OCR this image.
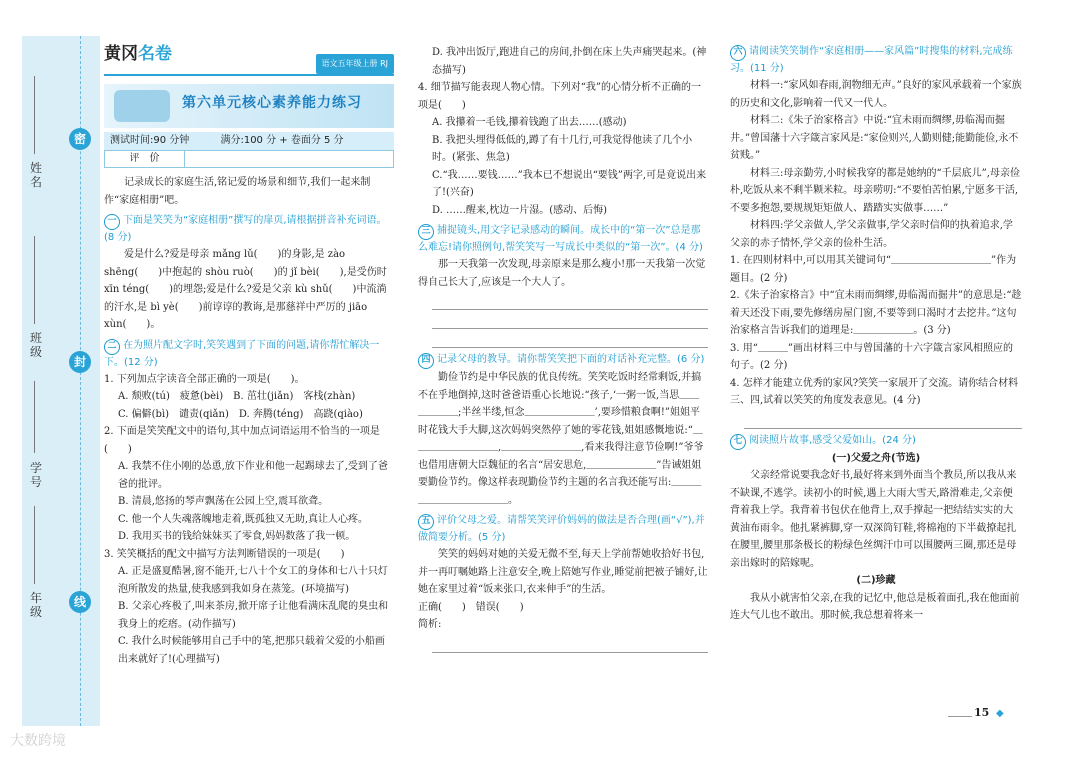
密
封
线
姓名
班级
学号
年级
黄冈名卷	语文五年级上册 RJ
第六单元核心素养能力练习
测试时间:90 分钟	满分:100 分 + 卷面分 5 分
评　价
记录成长的家庭生活,铭记爱的场景和细节,我们一起来制作“家庭相册”吧。
一 下面是笑笑为“家庭相册”撰写的扉页,请根据拼音补充词语。(8 分)
爱是什么?爱是母亲 mǎng lǔ(　　)的身影,是 zào shēng(　　)中抱起的 shòu ruò(　　)的 jǐ bèi(　　),是受伤时 xīn téng(　　)的埋怨;爱是什么?爱是父亲 kù shǔ(　　)中流淌的汗水,是 bì yè(　　)前谆谆的教诲,是那慈祥中严厉的 jiāo xùn(　　)。
二 在为照片配文字时,笑笑遇到了下面的问题,请你帮忙解决一下。(12 分)
1. 下列加点字读音全部正确的一项是(　　)。
A. 颓败(tú)　疲惫(bèi)　B. 茁壮(jiǎn)　客栈(zhàn)
C. 偏僻(bì)　谴责(qiǎn)　D. 奔腾(téng)　高跷(qiào)
2. 下面是笑笑配文中的语句,其中加点词语运用不恰当的一项是(　　)
A. 我禁不住小刚的怂恿,放下作业和他一起踢球去了,受到了爸爸的批评。
B. 清晨,悠扬的琴声飘荡在公园上空,震耳欲聋。
C. 他一个人失魂落魄地走着,既孤独又无助,真让人心疼。
D. 我用买书的钱给妹妹买了零食,妈妈数落了我一顿。
3. 笑笑概括的配文中描写方法判断错误的一项是(　　)
A. 正是盛夏酷暑,窗不能开,七八十个女工的身体和七八十只灯泡所散发的热量,使我感到我如身在蒸笼。(环境描写)
B. 父亲心疼极了,叫来茶房,掀开席子让他看满床乱爬的臭虫和我身上的疙瘩。(动作描写)
C. 我什么时候能够用自己手中的笔,把那只载着父爱的小船画出来就好了!(心理描写)
D. 我冲出饭厅,跑进自己的房间,扑倒在床上失声痛哭起来。(神态描写)
4. 细节描写能表现人物心情。下列对“我”的心情分析不正确的一项是(　　)
A. 我攥着一毛钱,攥着钱跑了出去……(感动)
B. 我把头埋得低低的,蹲了有十几行,可我觉得他读了几个小时。(紧张、焦急)
C.“我……要钱……”我本已不想说出“要钱”两字,可是竟说出来了!(兴奋)
D. ……醒来,枕边一片湿。(感动、后悔)
三 捕捉镜头,用文字记录感动的瞬间。成长中的“第一次”总是那么难忘!请你照例句,帮笑笑写一写成长中类似的“第一次”。(4 分)
那一天我第一次发现,母亲原来是那么瘦小!那一天我第一次觉得自己长大了,应该是一个大人了。
四 记录父母的教导。请你帮笑笑把下面的对话补充完整。(6 分)
勤俭节约是中华民族的优良传统。笑笑吃饭时经常剩饭,并搞不在乎地倒掉,这时爸爸语重心长地说:“孩子,‘一粥一饭,当思＿＿＿＿＿＿;半丝半缕,恒念＿＿＿＿＿＿＿’,要珍惜粮食啊!”姐姐平时花钱大手大脚,这次妈妈突然停了她的零花钱,姐姐感慨地说:“＿＿＿＿＿＿＿＿＿,＿＿＿＿＿＿＿＿,看来我得注意节俭啊!”爷爷也借用唐朝大臣魏征的名言“居安思危,＿＿＿＿＿＿＿”告诫姐姐要勤俭节约。像这样表现勤俭节约主题的名言我还能写出:＿＿＿＿＿＿＿＿＿＿＿＿。
五 评价父母之爱。请帮笑笑评价妈妈的做法是否合理(画“√”),并做简要分析。(5 分)
笑笑的妈妈对她的关爱无微不至,每天上学前帮她收拾好书包,并一再叮嘱她路上注意安全,晚上陪她写作业,睡觉前把被子铺好,让她在家里过着“饭来张口,衣来伸手”的生活。
正确(　　)　错误(　　)
简析:
六 请阅读笑笑制作“家庭相册——家风篇”时搜集的材料,完成练习。(11 分)
材料一:“家风如春雨,润物细无声。”良好的家风承载着一个家族的历史和文化,影响着一代又一代人。
材料二:《朱子治家格言》中说:“宜未雨而绸缪,毋临渴而掘井。”曾国藩十六字箴言家风是:“家俭则兴,人勤则健;能勤能俭,永不贫贱。”
材料三:母亲勤劳,小时候我穿的都是她纳的“千层底儿”,母亲俭朴,吃饭从来不剩半颗米粒。母亲唠叨:“不要怕苦怕累,宁愿多干活,不要多抱怨,要规规矩矩做人、踏踏实实做事……”
材料四:学父亲做人,学父亲做事,学父亲时信仰的执着追求,学父亲的赤子情怀,学父亲的俭朴生活。
1. 在四则材料中,可以用其关键词句“＿＿＿＿＿＿＿＿＿＿”作为题目。(2 分)
2.《朱子治家格言》中“宜未雨而绸缪,毋临渴而掘井”的意思是:“趁着天还没下雨,要先修缮房屋门窗,不要等到口渴时才去挖井。”这句治家格言告诉我们的道理是:＿＿＿＿＿＿。(3 分)
3. 用“＿＿＿”画出材料三中与曾国藩的十六字箴言家风相照应的句子。(2 分)
4. 怎样才能建立优秀的家风?笑笑一家展开了交流。请你结合材料三、四,试着以笑笑的角度发表意见。(4 分)
七 阅读照片故事,感受父爱如山。(24 分)
(一)父爱之舟(节选)
父亲经常说要我念好书,最好将来到外面当个教员,所以我从来不缺课,不逃学。读初小的时候,遇上大雨大雪天,路滑难走,父亲便背着我上学。我背着书包伏在他背上,双手撑起一把结结实实的大黄油布雨伞。他扎紧裤脚,穿一双深筒钉鞋,将棉袍的下半截撩起扎在腰里,腰里那条极长的粉绿色丝绸汗巾可以围腰两三圈,那还是母亲出嫁时的陪嫁呢。
(二)珍藏
我从小就害怕父亲,在我的记忆中,他总是板着面孔,我在他面前连大气儿也不敢出。那时候,我总想着将来一
15 ◆
大数跨境
